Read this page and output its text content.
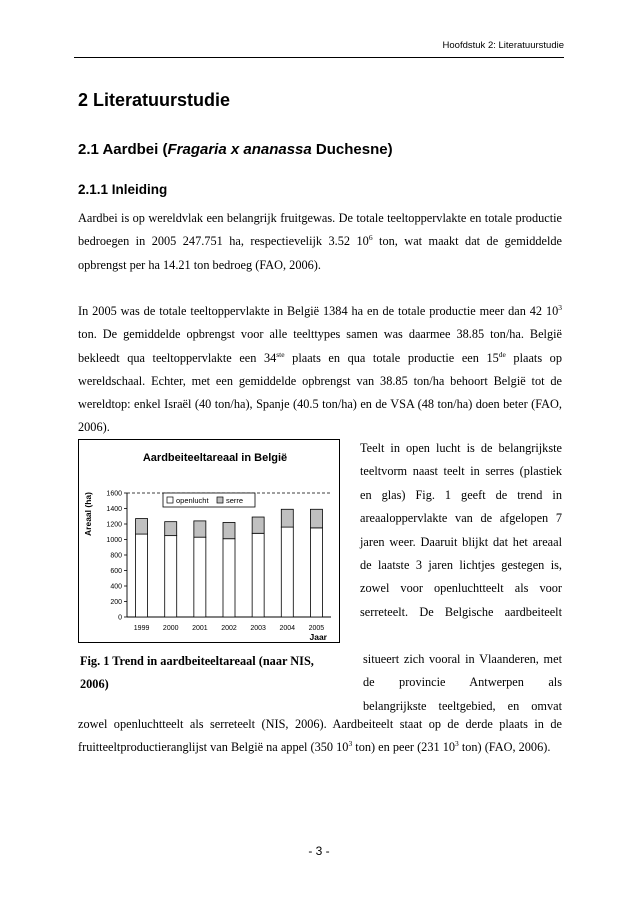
Hoofdstuk 2: Literatuurstudie
2 Literatuurstudie
2.1 Aardbei (Fragaria x ananassa Duchesne)
2.1.1 Inleiding
Aardbei is op wereldvlak een belangrijk fruitgewas. De totale teeltoppervlakte en totale productie bedroegen in 2005 247.751 ha, respectievelijk 3.52 $10^6$ ton, wat maakt dat de gemiddelde opbrengst per ha 14.21 ton bedroeg (FAO, 2006).
In 2005 was de totale teeltoppervlakte in België 1384 ha en de totale productie meer dan 42 $10^3$ ton. De gemiddelde opbrengst voor alle teelttypes samen was daarmee 38.85 ton/ha. België bekleedt qua teeltoppervlakte een 34ste plaats en qua totale productie een 15de plaats op wereldschaal. Echter, met een gemiddelde opbrengst van 38.85 ton/ha behoort België tot de wereldtop: enkel Israël (40 ton/ha), Spanje (40.5 ton/ha) en de VSA (48 ton/ha) doen beter (FAO, 2006).
Aardbeiteeltareaal in België
Areaal (ha)
Jaar
0
200
400
600
800
1000
1200
1400
1600
1999 2000 2001 2002 2003 2004 2005
openlucht serre
Teelt in open lucht is de belangrijkste teeltvorm naast teelt in serres (plastiek en glas) Fig. 1 geeft de trend in areaaloppervlakte van de afgelopen 7 jaren weer. Daaruit blijkt dat het areaal de laatste 3 jaren lichtjes gestegen is, zowel voor openluchtteelt als voor serreteelt. De Belgische aardbeiteelt
situeert zich vooral in Vlaanderen, met de provincie Antwerpen als belangrijkste teeltgebied, en omvat
Fig. 1 Trend in aardbeiteeltareaal (naar NIS, 2006)
zowel openluchtteelt als serreteelt (NIS, 2006). Aardbeiteelt staat op de derde plaats in de fruitteeltproductieranglijst van België na appel (350 $10^3$ ton) en peer (231 $10^3$ ton) (FAO, 2006).
- 3 -
